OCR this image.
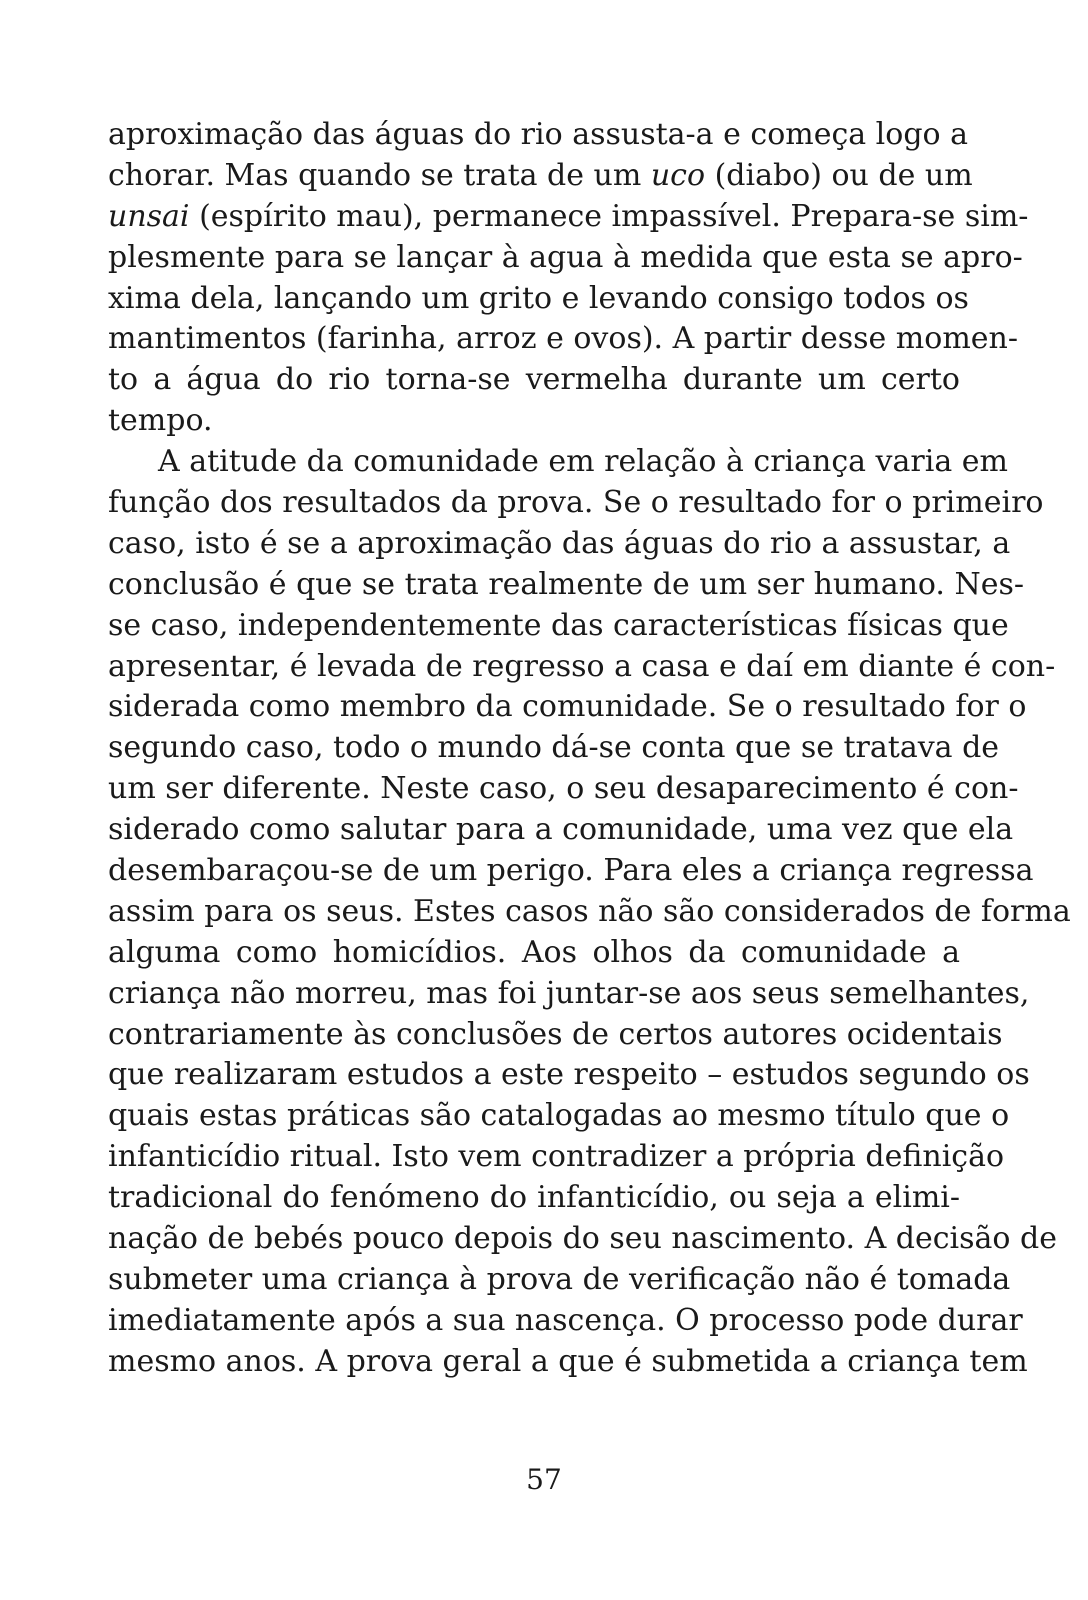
aproximação das águas do rio assusta-a e começa logo a
chorar. Mas quando se trata de um uco (diabo) ou de um
unsai (espírito mau), permanece impassível. Prepara-se sim-
plesmente para se lançar à agua à medida que esta se apro-
xima dela, lançando um grito e levando consigo todos os
mantimentos (farinha, arroz e ovos). A partir desse momen-
to a água do rio torna-se vermelha durante um certo
tempo.
A atitude da comunidade em relação à criança varia em
função dos resultados da prova. Se o resultado for o primeiro
caso, isto é se a aproximação das águas do rio a assustar, a
conclusão é que se trata realmente de um ser humano. Nes-
se caso, independentemente das características físicas que
apresentar, é levada de regresso a casa e daí em diante é con-
siderada como membro da comunidade. Se o resultado for o
segundo caso, todo o mundo dá-se conta que se tratava de
um ser diferente. Neste caso, o seu desaparecimento é con-
siderado como salutar para a comunidade, uma vez que ela
desembaraçou-se de um perigo. Para eles a criança regressa
assim para os seus. Estes casos não são considerados de forma
alguma como homicídios. Aos olhos da comunidade a
criança não morreu, mas foi juntar-se aos seus semelhantes,
contrariamente às conclusões de certos autores ocidentais
que realizaram estudos a este respeito – estudos segundo os
quais estas práticas são catalogadas ao mesmo título que o
infanticídio ritual. Isto vem contradizer a própria definição
tradicional do fenómeno do infanticídio, ou seja a elimi-
nação de bebés pouco depois do seu nascimento. A decisão de
submeter uma criança à prova de verificação não é tomada
imediatamente após a sua nascença. O processo pode durar
mesmo anos. A prova geral a que é submetida a criança tem
57
